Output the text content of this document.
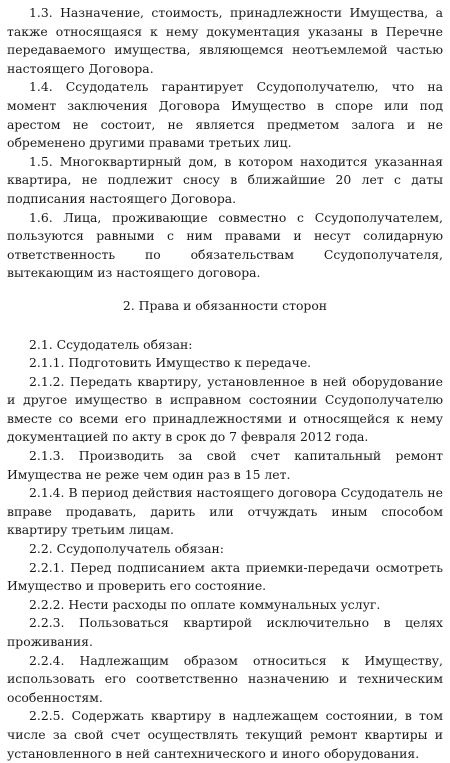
1.3. Назначение, стоимость, принадлежности Имущества, а также относящаяся к нему документация указаны в Перечне передаваемого имущества, являющемся неотъемлемой частью настоящего Договора.

1.4. Ссудодатель гарантирует Ссудополучателю, что на момент заключения Договора Имущество в споре или под арестом не состоит, не является предметом залога и не обременено другими правами третьих лиц.

1.5. Многоквартирный дом, в котором находится указанная квартира, не подлежит сносу в ближайшие 20 лет с даты подписания настоящего Договора.

1.6. Лица, проживающие совместно с Ссудополучателем, пользуются равными с ним правами и несут солидарную ответственность по обязательствам Ссудополучателя, вытекающим из настоящего договора.

2. Права и обязанности сторон

2.1. Ссудодатель обязан:

2.1.1. Подготовить Имущество к передаче.

2.1.2. Передать квартиру, установленное в ней оборудование и другое имущество в исправном состоянии Ссудополучателю вместе со всеми его принадлежностями и относящейся к нему документацией по акту в срок до 7 февраля 2012 года.

2.1.3. Производить за свой счет капитальный ремонт Имущества не реже чем один раз в 15 лет.

2.1.4. В период действия настоящего договора Ссудодатель не вправе продавать, дарить или отчуждать иным способом квартиру третьим лицам.

2.2. Ссудополучатель обязан:

2.2.1. Перед подписанием акта приемки-передачи осмотреть Имущество и проверить его состояние.

2.2.2. Нести расходы по оплате коммунальных услуг.

2.2.3. Пользоваться квартирой исключительно в целях проживания.

2.2.4. Надлежащим образом относиться к Имуществу, использовать его соответственно назначению и техническим особенностям.

2.2.5. Содержать квартиру в надлежащем состоянии, в том числе за свой счет осуществлять текущий ремонт квартиры и установленного в ней сантехнического и иного оборудования.
